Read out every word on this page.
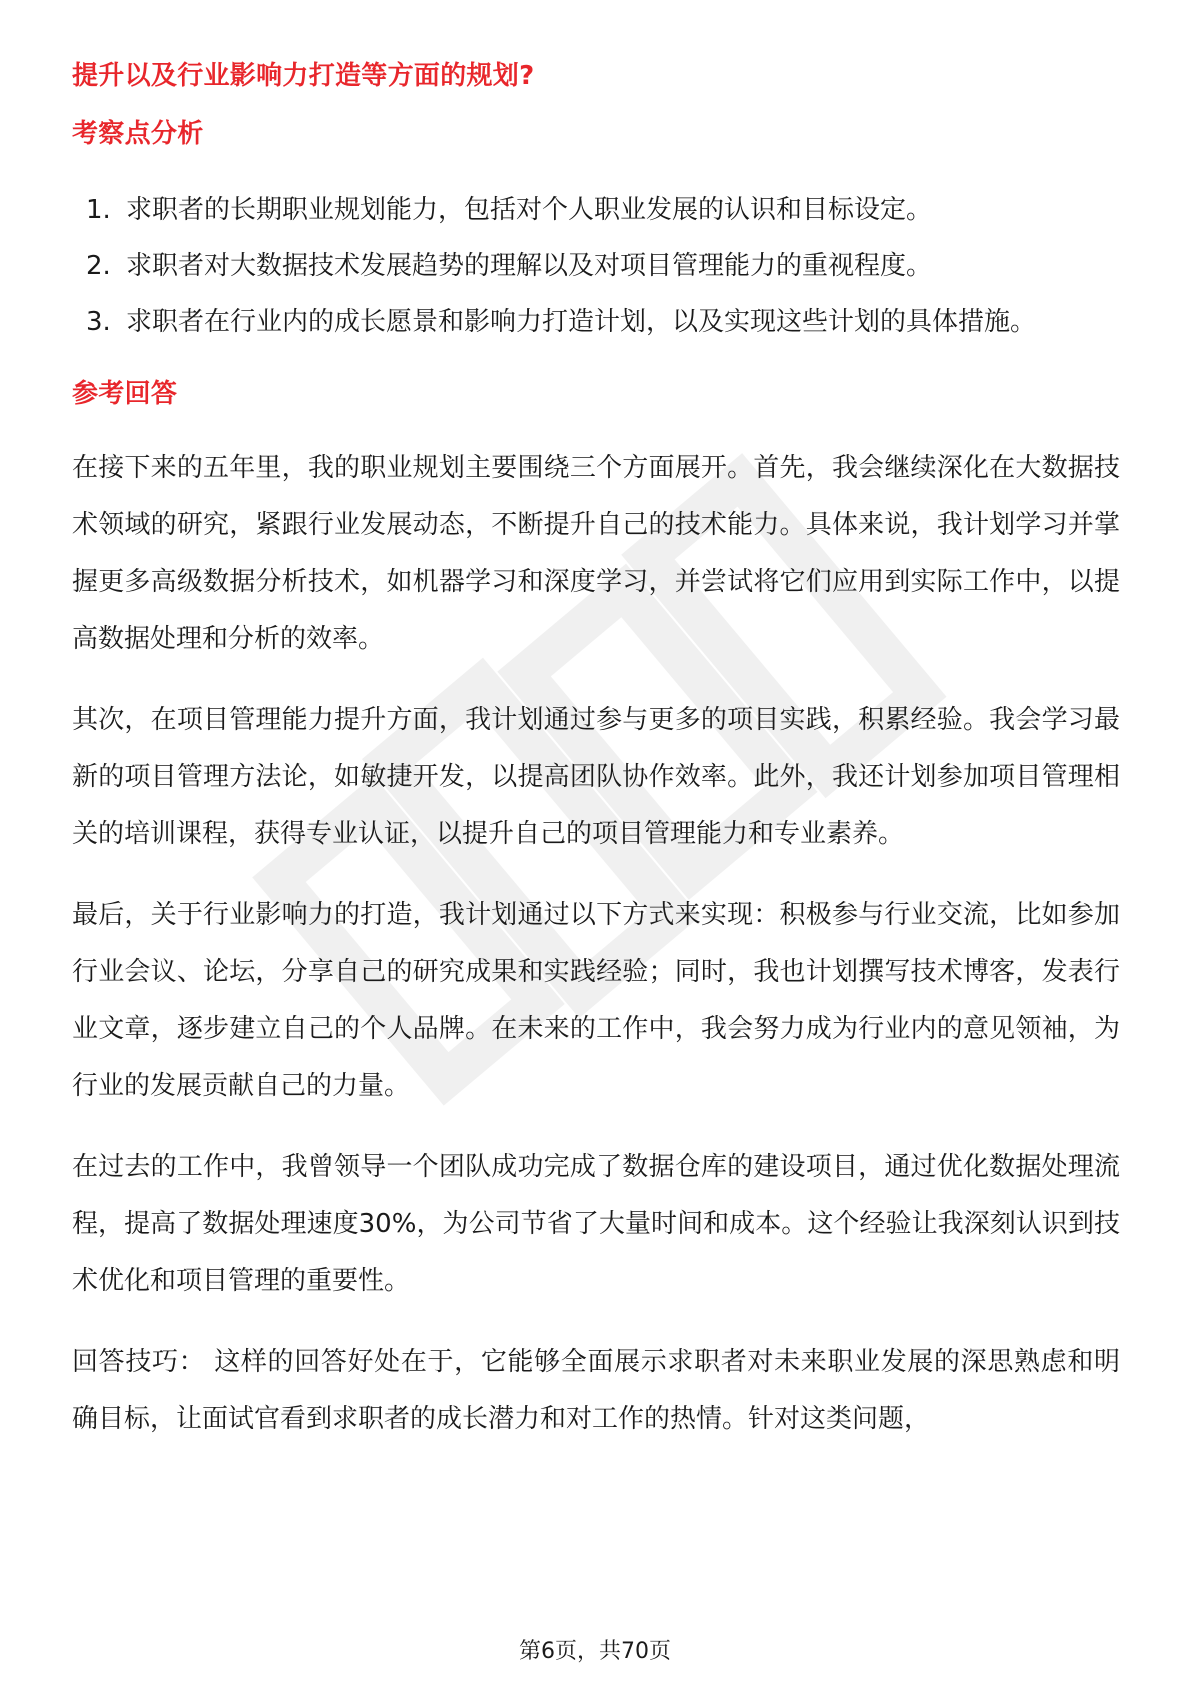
提升以及行业影响力打造等方面的规划?
考察点分析
1. 求职者的长期职业规划能力，包括对个人职业发展的认识和目标设定。
2. 求职者对大数据技术发展趋势的理解以及对项目管理能力的重视程度。
3. 求职者在行业内的成长愿景和影响力打造计划，以及实现这些计划的具体措施。
参考回答

在接下来的五年里，我的职业规划主要围绕三个方面展开。首先，我会继续深化在大数据技术领域的研究，紧跟行业发展动态，不断提升自己的技术能力。具体来说，我计划学习并掌握更多高级数据分析技术，如机器学习和深度学习，并尝试将它们应用到实际工作中，以提高数据处理和分析的效率。

其次，在项目管理能力提升方面，我计划通过参与更多的项目实践，积累经验。我会学习最新的项目管理方法论，如敏捷开发，以提高团队协作效率。此外，我还计划参加项目管理相关的培训课程，获得专业认证，以提升自己的项目管理能力和专业素养。

最后，关于行业影响力的打造，我计划通过以下方式来实现：积极参与行业交流，比如参加行业会议、论坛，分享自己的研究成果和实践经验；同时，我也计划撰写技术博客，发表行业文章，逐步建立自己的个人品牌。在未来的工作中，我会努力成为行业内的意见领袖，为行业的发展贡献自己的力量。

在过去的工作中，我曾领导一个团队成功完成了数据仓库的建设项目，通过优化数据处理流程，提高了数据处理速度30%，为公司节省了大量时间和成本。这个经验让我深刻认识到技术优化和项目管理的重要性。

回答技巧： 这样的回答好处在于，它能够全面展示求职者对未来职业发展的深思熟虑和明确目标，让面试官看到求职者的成长潜力和对工作的热情。针对这类问题，

第6页，共70页
